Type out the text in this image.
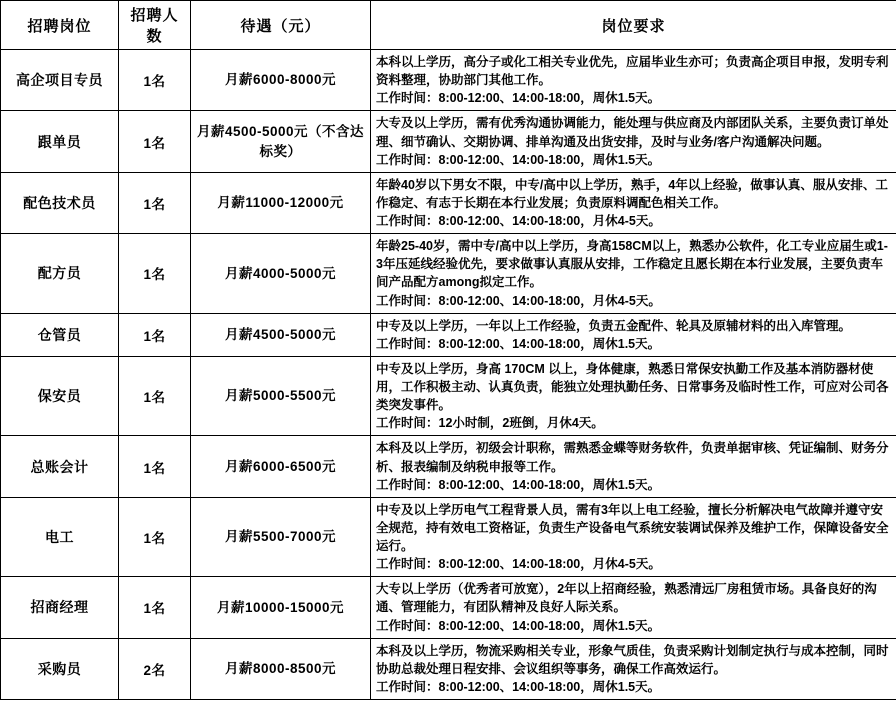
招聘岗位	招聘人数	待遇（元）	岗位要求
高企项目专员	1名	月薪6000-8000元	本科以上学历，高分子或化工相关专业优先，应届毕业生亦可；负责高企项目申报，发明专利资料整理，协助部门其他工作。
工作时间：8:00-12:00、14:00-18:00，周休1.5天。

跟单员	1名	月薪4500-5000元（不含达标奖）	大专及以上学历，需有优秀沟通协调能力，能处理与供应商及内部团队关系，主要负责订单处理、细节确认、交期协调、排单沟通及出货安排，及时与业务/客户沟通解决问题。
工作时间：8:00-12:00、14:00-18:00，周休1.5天。

配色技术员	1名	月薪11000-12000元	年龄40岁以下男女不限，中专/高中以上学历，熟手，4年以上经验，做事认真、服从安排、工作稳定、有志于长期在本行业发展；负责原料调配色相关工作。
工作时间：8:00-12:00、14:00-18:00，月休4-5天。

配方员	1名	月薪4000-5000元	年龄25-40岁，需中专/高中以上学历，身高158CM以上，熟悉办公软件，化工专业应届生或1-3年压延线经验优先，要求做事认真服从安排，工作稳定且愿长期在本行业发展，主要负责车间产品配方among拟定工作。
工作时间：8:00-12:00、14:00-18:00，月休4-5天。

仓管员	1名	月薪4500-5000元	中专及以上学历，一年以上工作经验，负责五金配件、轮具及原辅材料的出入库管理。
工作时间：8:00-12:00、14:00-18:00，周休1.5天。

保安员	1名	月薪5000-5500元	中专及以上学历，身高 170CM 以上，身体健康，熟悉日常保安执勤工作及基本消防器材使用，工作积极主动、认真负责，能独立处理执勤任务、日常事务及临时性工作，可应对公司各类突发事件。
工作时间：12小时制，2班倒，月休4天。

总账会计	1名	月薪6000-6500元	本科及以上学历，初级会计职称，需熟悉金蝶等财务软件，负责单据审核、凭证编制、财务分析、报表编制及纳税申报等工作。
工作时间：8:00-12:00、14:00-18:00，周休1.5天。

电工	1名	月薪5500-7000元	中专及以上学历电气工程背景人员，需有3年以上电工经验，擅长分析解决电气故障并遵守安全规范，持有效电工资格证，负责生产设备电气系统安装调试保养及维护工作，保障设备安全运行。
工作时间：8:00-12:00、14:00-18:00，月休4-5天。

招商经理	1名	月薪10000-15000元	大专以上学历（优秀者可放宽），2年以上招商经验，熟悉清远厂房租赁市场。具备良好的沟通、管理能力，有团队精神及良好人际关系。
工作时间：8:00-12:00、14:00-18:00，周休1.5天。

采购员	2名	月薪8000-8500元	本科及以上学历，物流采购相关专业，形象气质佳，负责采购计划制定执行与成本控制，同时协助总裁处理日程安排、会议组织等事务，确保工作高效运行。
工作时间：8:00-12:00、14:00-18:00，周休1.5天。
